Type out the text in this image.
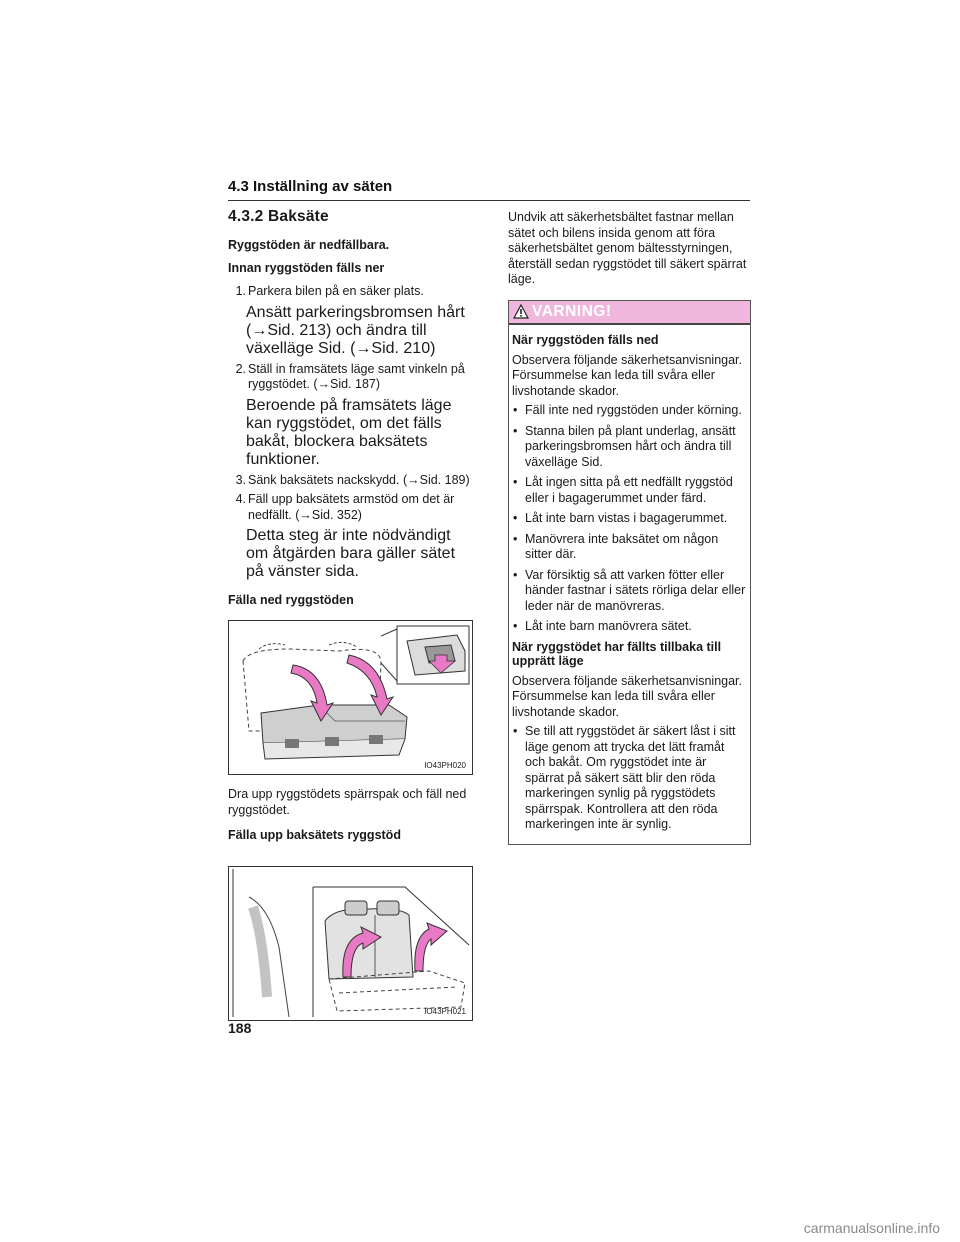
4.3 Inställning av säten
4.3.2 Baksäte
Ryggstöden är nedfällbara.
Innan ryggstöden fälls ner
1. Parkera bilen på en säker plats.
Ansätt parkeringsbromsen hårt (→Sid. 213) och ändra till växelläge Sid. (→Sid. 210)
2. Ställ in framsätets läge samt vinkeln på ryggstödet. (→Sid. 187)
Beroende på framsätets läge kan ryggstödet, om det fälls bakåt, blockera baksätets funktioner.
3. Sänk baksätets nackskydd. (→Sid. 189)
4. Fäll upp baksätets armstöd om det är nedfällt. (→Sid. 352)
Detta steg är inte nödvändigt om åtgärden bara gäller sätet på vänster sida.
Fälla ned ryggstöden
IO43PH020
Dra upp ryggstödets spärrspak och fäll ned ryggstödet.
Fälla upp baksätets ryggstöd
IO43PH021

Undvik att säkerhetsbältet fastnar mellan sätet och bilens insida genom att föra säkerhetsbältet genom bältesstyrningen, återställ sedan ryggstödet till säkert spärrat läge.

VARNING!
När ryggstöden fälls ned

Observera följande säkerhetsanvisningar. Försummelse kan leda till svåra eller livshotande skador.

• Fäll inte ned ryggstöden under körning.
• Stanna bilen på plant underlag, ansätt parkeringsbromsen hårt och ändra till växelläge Sid.
• Låt ingen sitta på ett nedfällt ryggstöd eller i bagagerummet under färd.
• Låt inte barn vistas i bagagerummet.
• Manövrera inte baksätet om någon sitter där.
• Var försiktig så att varken fötter eller händer fastnar i sätets rörliga delar eller leder när de manövreras.
• Låt inte barn manövrera sätet.
När ryggstödet har fällts tillbaka till upprätt läge

Observera följande säkerhetsanvisningar. Försummelse kan leda till svåra eller livshotande skador.

• Se till att ryggstödet är säkert låst i sitt läge genom att trycka det lätt framåt och bakåt. Om ryggstödet inte är spärrat på säkert sätt blir den röda markeringen synlig på ryggstödets spärrspak. Kontrollera att den röda markeringen inte är synlig.
188
carmanualsonline.info
